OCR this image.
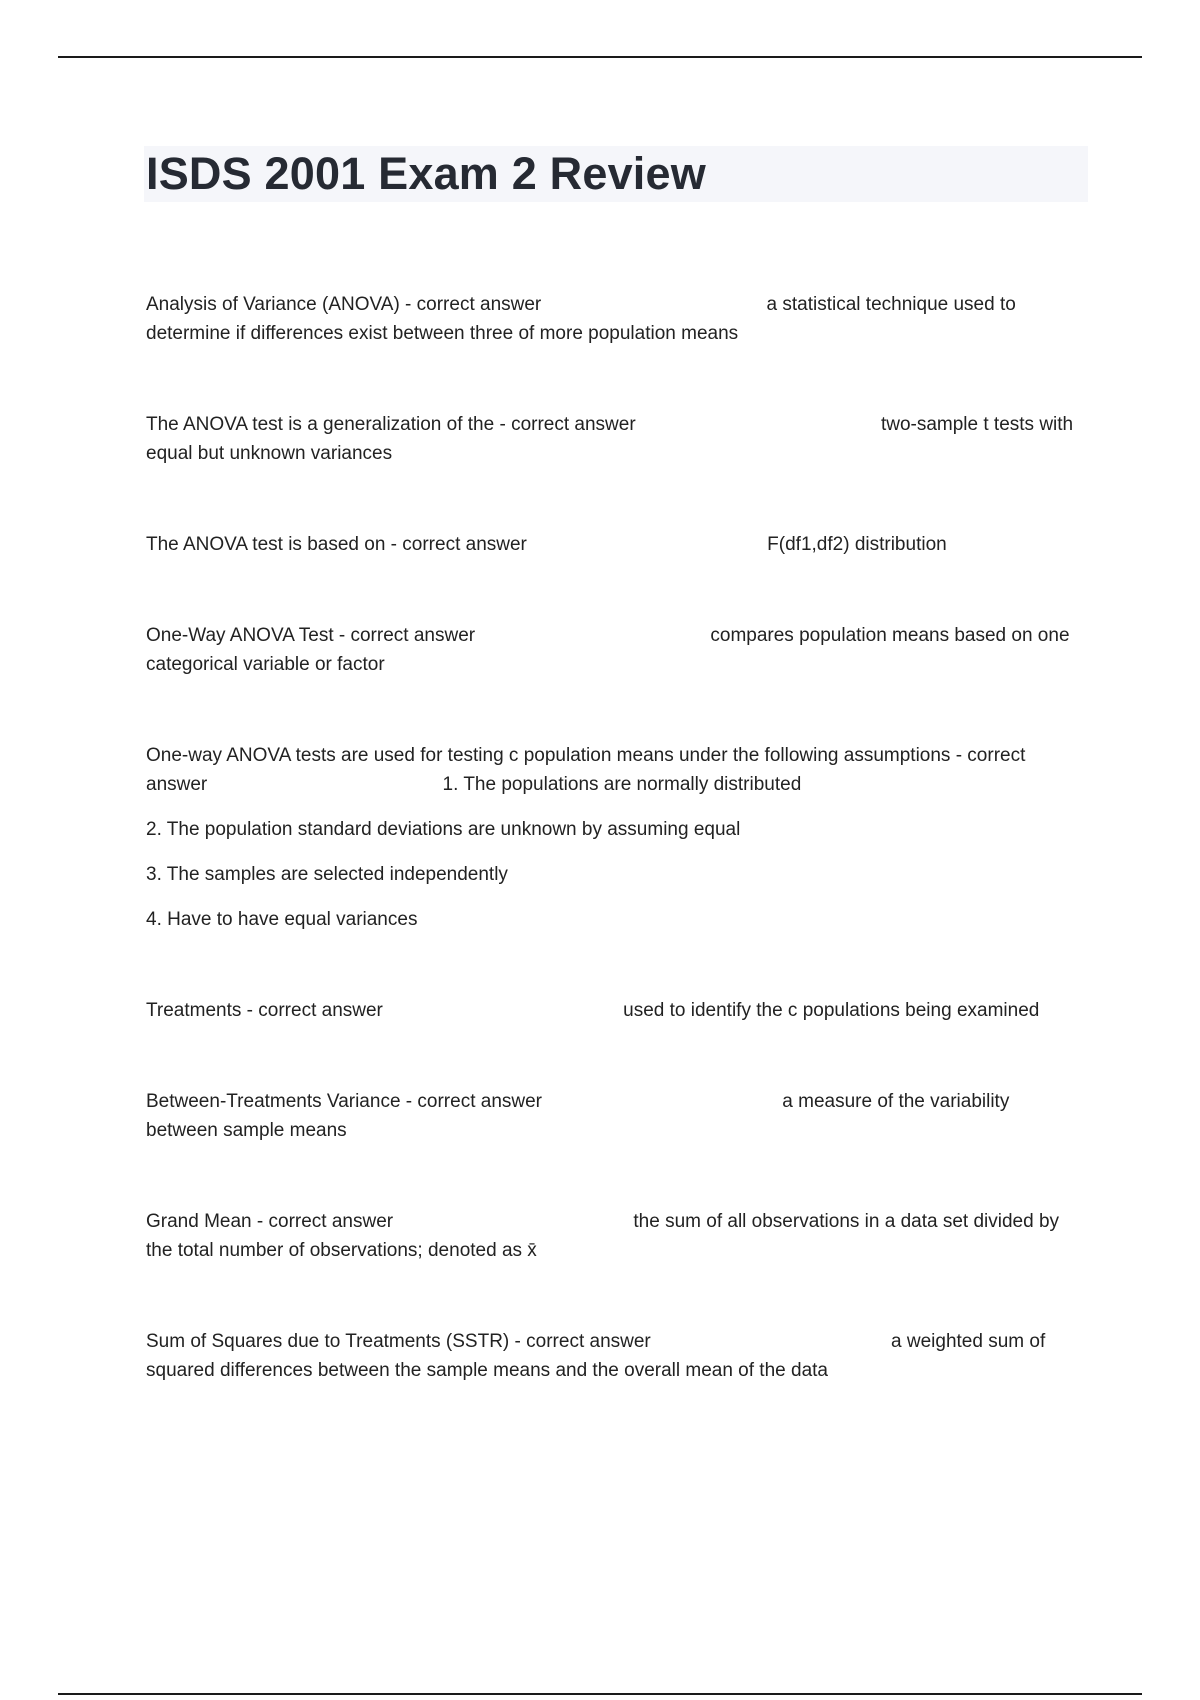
ISDS 2001 Exam 2 Review
Analysis of Variance (ANOVA) - correct answer	a statistical technique used to determine if differences exist between three of more population means
The ANOVA test is a generalization of the - correct answer	two-sample t tests with equal but unknown variances
The ANOVA test is based on - correct answer	F(df1,df2) distribution
One-Way ANOVA Test - correct answer	compares population means based on one categorical variable or factor
One-way ANOVA tests are used for testing c population means under the following assumptions - correct answer	1. The populations are normally distributed
2. The population standard deviations are unknown by assuming equal
3. The samples are selected independently
4. Have to have equal variances
Treatments - correct answer	used to identify the c populations being examined
Between-Treatments Variance - correct answer	a measure of the variability between sample means
Grand Mean - correct answer	the sum of all observations in a data set divided by the total number of observations; denoted as x̄
Sum of Squares due to Treatments (SSTR) - correct answer	a weighted sum of squared differences between the sample means and the overall mean of the data
